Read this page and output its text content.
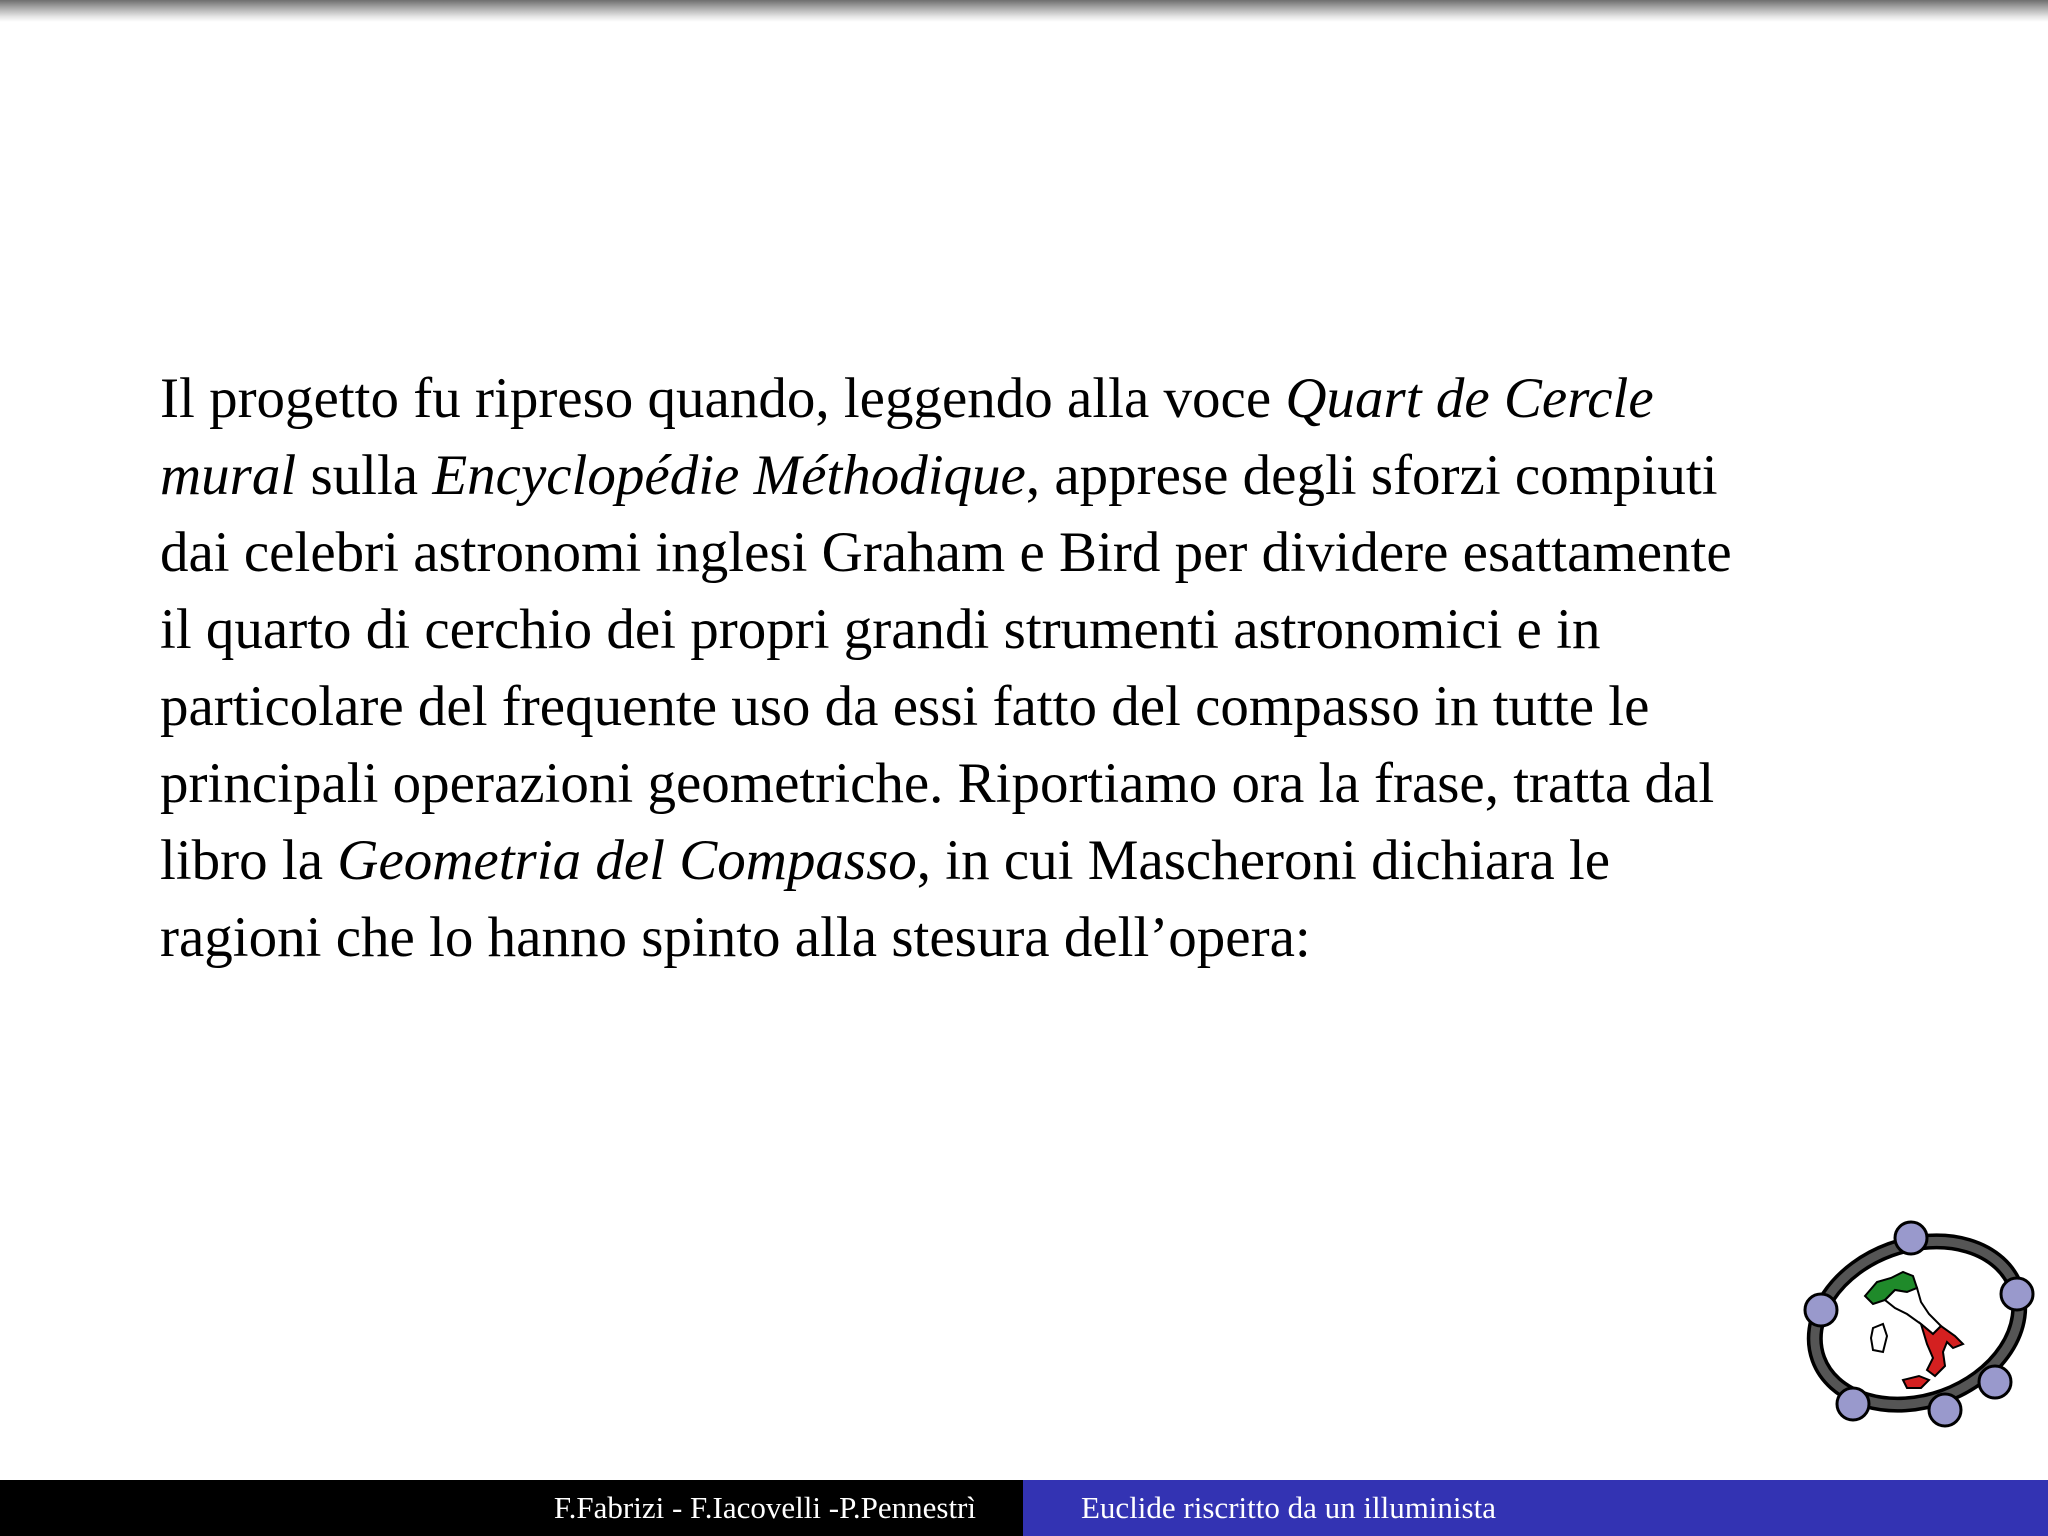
Il progetto fu ripreso quando, leggendo alla voce Quart de Cercle
mural sulla Encyclopédie Méthodique, apprese degli sforzi compiuti
dai celebri astronomi inglesi Graham e Bird per dividere esattamente
il quarto di cerchio dei propri grandi strumenti astronomici e in
particolare del frequente uso da essi fatto del compasso in tutte le
principali operazioni geometriche. Riportiamo ora la frase, tratta dal
libro la Geometria del Compasso, in cui Mascheroni dichiara le
ragioni che lo hanno spinto alla stesura dell’opera:
F.Fabrizi - F.Iacovelli -P.Pennestrì	Euclide riscritto da un illuminista
